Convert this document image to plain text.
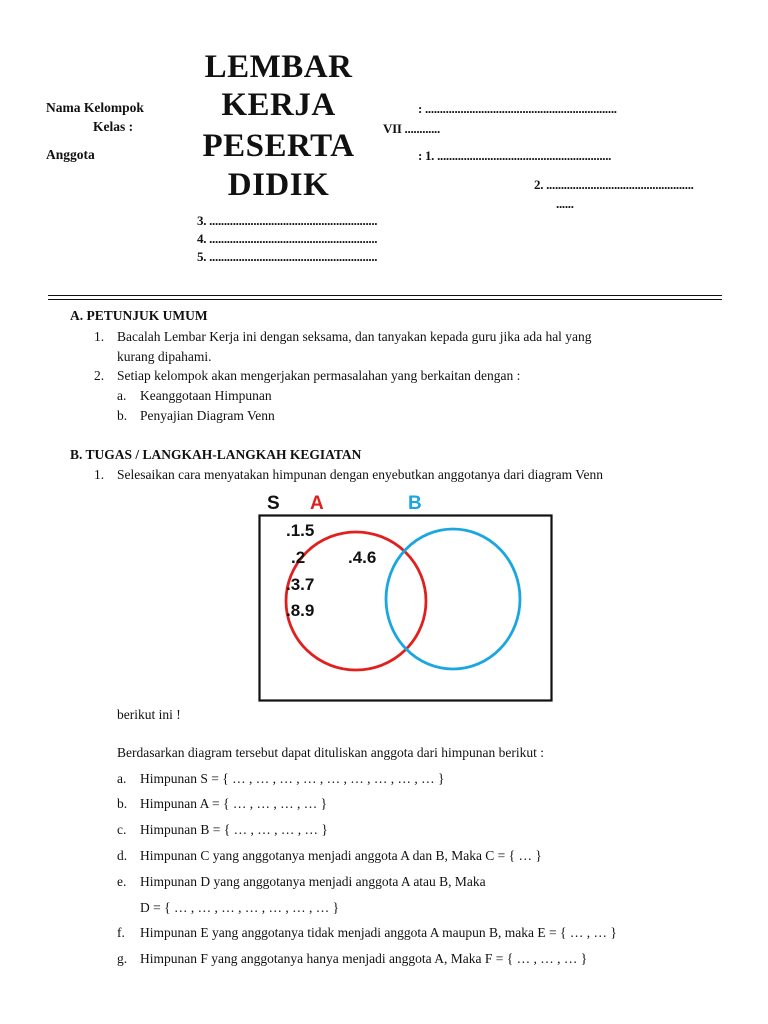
Nama Kelompok
Kelas :
Anggota
LEMBAR
KERJA
PESERTA
DIDIK
: .................................................................
VII ............
: 1. ...........................................................
2. ..................................................
......
3. .........................................................
4. .........................................................
5. .........................................................
A. PETUNJUK UMUM
1. Bacalah Lembar Kerja ini dengan seksama, dan tanyakan kepada guru jika ada hal yang
kurang dipahami.
2. Setiap kelompok akan mengerjakan permasalahan yang berkaitan dengan :
a. Keanggotaan Himpunan
b. Penyajian Diagram Venn
B. TUGAS / LANGKAH-LANGKAH KEGIATAN
1. Selesaikan cara menyatakan himpunan dengan enyebutkan anggotanya dari diagram Venn
S A	B
.1.5
.2	.4.6
.3.7
.8.9
berikut ini !
Berdasarkan diagram tersebut dapat dituliskan anggota dari himpunan berikut :
a. Himpunan S = { … , … , … , … , … , … , … , … , … }
b. Himpunan A = { … , … , … , … }
c. Himpunan B = { … , … , … , … }
d. Himpunan C yang anggotanya menjadi anggota A dan B, Maka C = { … }
e. Himpunan D yang anggotanya menjadi anggota A atau B, Maka
D = { … , … , … , … , … , … , … }
f. Himpunan E yang anggotanya tidak menjadi anggota A maupun B, maka E = { … , … }
g. Himpunan F yang anggotanya hanya menjadi anggota A, Maka F = { … , … , … }
